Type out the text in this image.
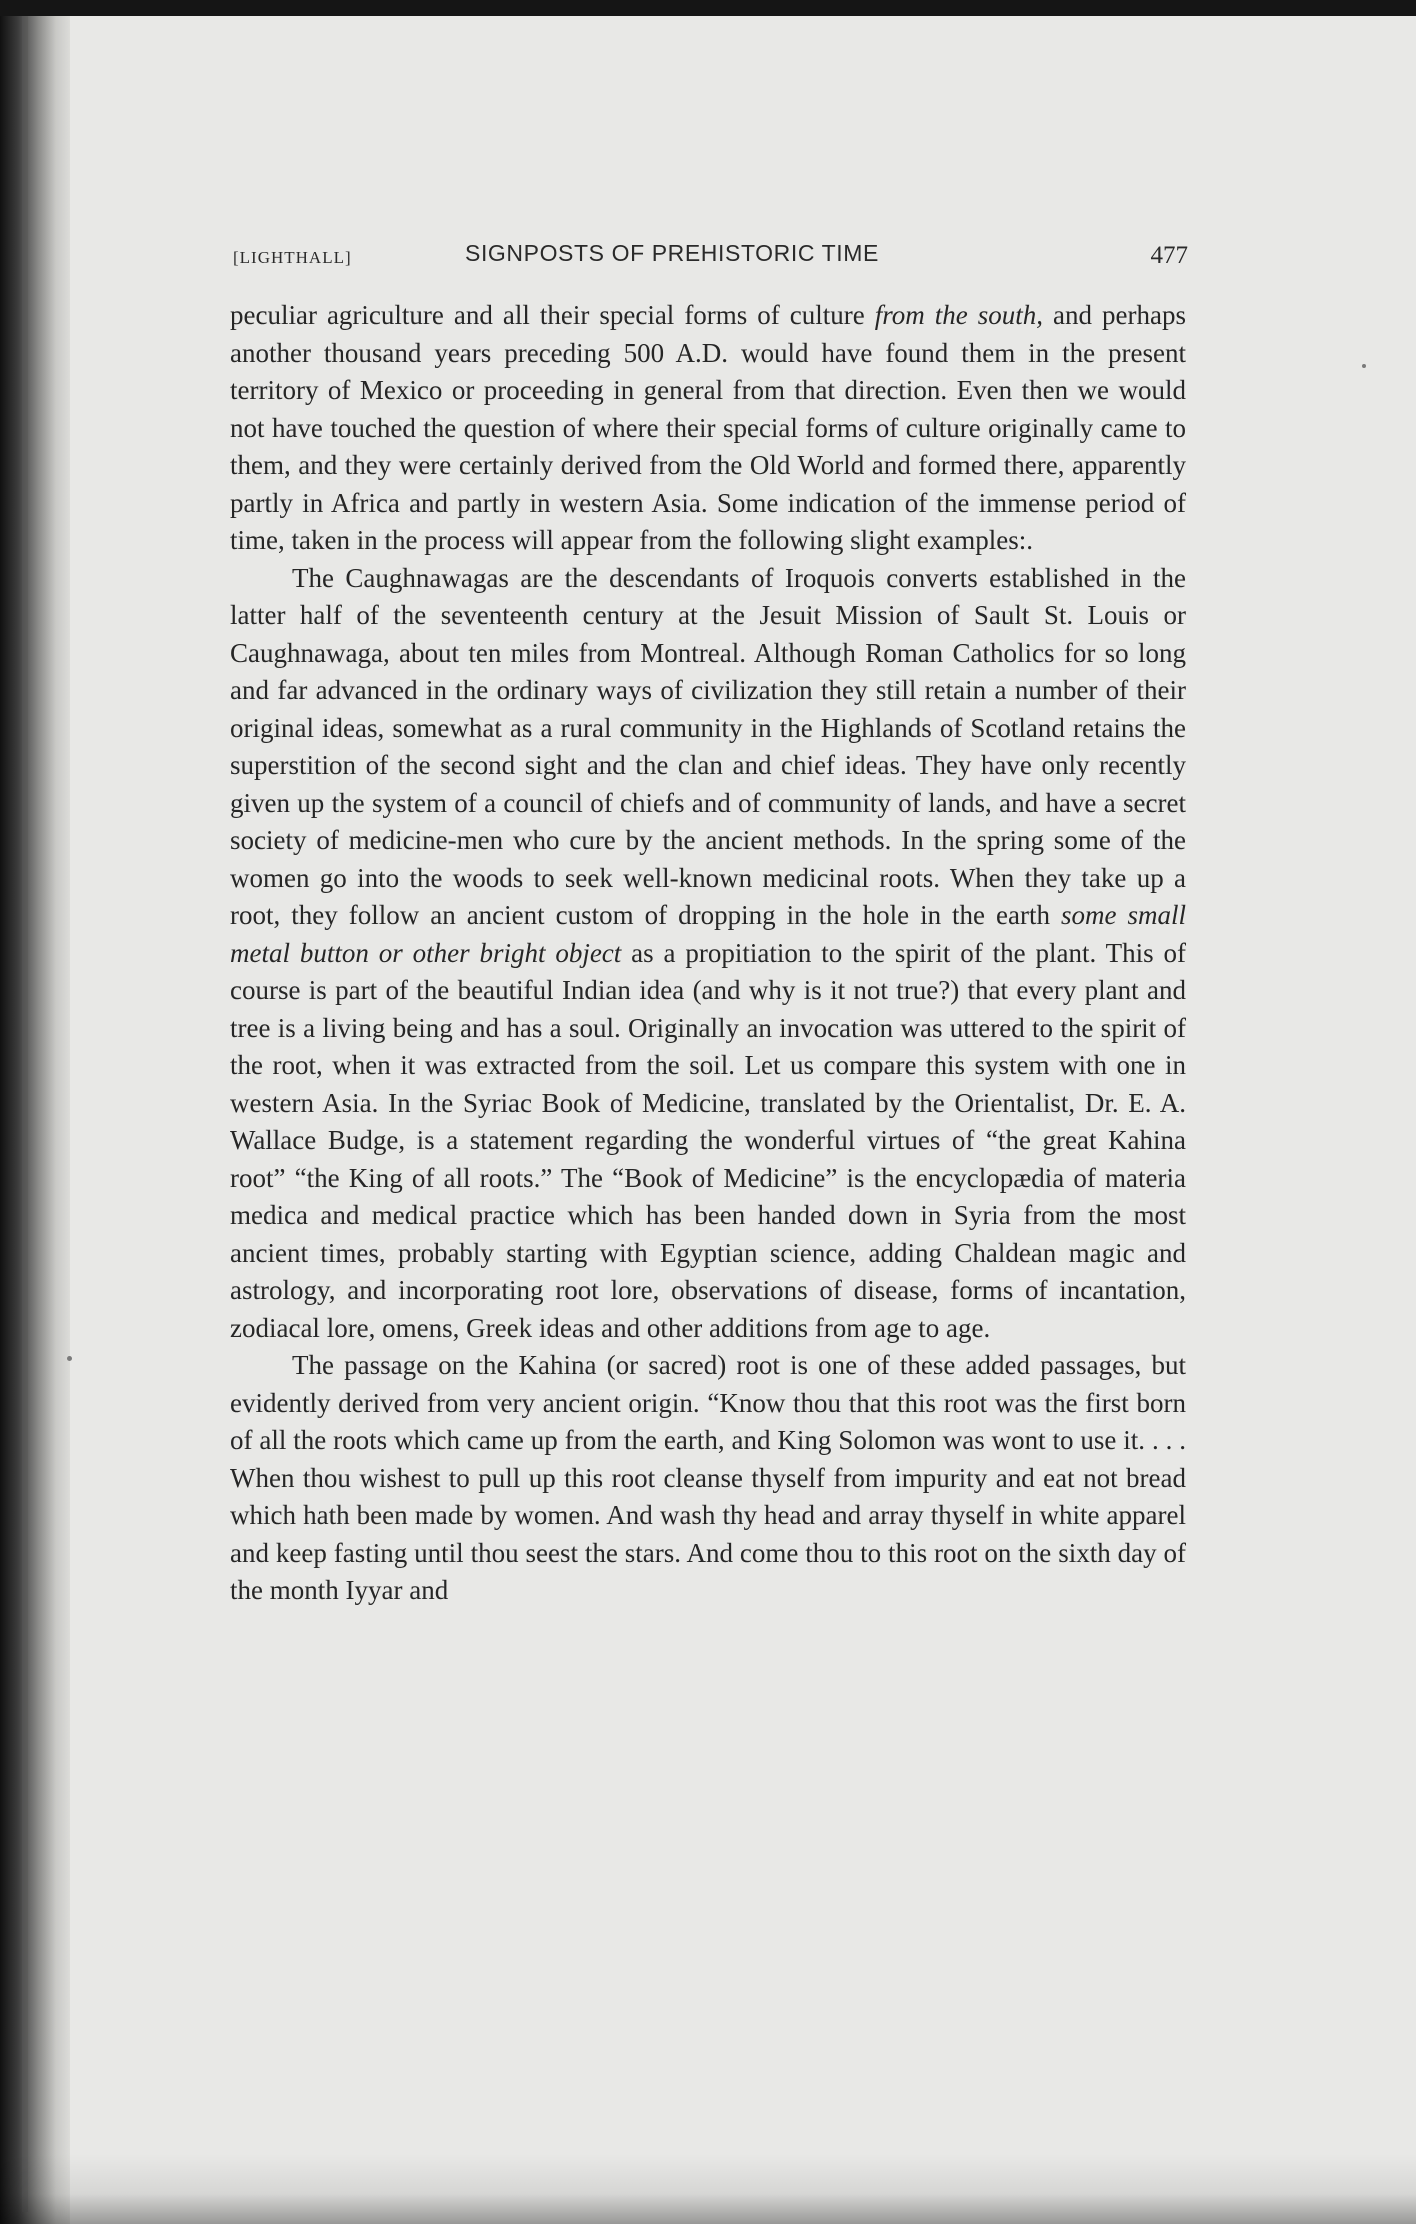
[LIGHTHALL]	SIGNPOSTS OF PREHISTORIC TIME	477

peculiar agriculture and all their special forms of culture from the south, and perhaps another thousand years preceding 500 A.D. would have found them in the present territory of Mexico or proceeding in general from that direction. Even then we would not have touched the question of where their special forms of culture originally came to them, and they were certainly derived from the Old World and formed there, apparently partly in Africa and partly in western Asia. Some indication of the immense period of time, taken in the process will appear from the following slight examples:.

The Caughnawagas are the descendants of Iroquois converts established in the latter half of the seventeenth century at the Jesuit Mission of Sault St. Louis or Caughnawaga, about ten miles from Montreal. Although Roman Catholics for so long and far advanced in the ordinary ways of civilization they still retain a number of their original ideas, somewhat as a rural community in the Highlands of Scotland retains the superstition of the second sight and the clan and chief ideas. They have only recently given up the system of a council of chiefs and of community of lands, and have a secret society of medicine-men who cure by the ancient methods. In the spring some of the women go into the woods to seek well-known medicinal roots. When they take up a root, they follow an ancient custom of dropping in the hole in the earth some small metal button or other bright object as a propitiation to the spirit of the plant. This of course is part of the beautiful Indian idea (and why is it not true?) that every plant and tree is a living being and has a soul. Originally an invocation was uttered to the spirit of the root, when it was extracted from the soil. Let us compare this system with one in western Asia. In the Syriac Book of Medicine, translated by the Orientalist, Dr. E. A. Wallace Budge, is a statement regarding the wonderful virtues of “the great Kahina root” “the King of all roots.” The “Book of Medicine” is the encyclopædia of materia medica and medical practice which has been handed down in Syria from the most ancient times, probably starting with Egyptian science, adding Chaldean magic and astrology, and incorporating root lore, observations of disease, forms of incantation, zodiacal lore, omens, Greek ideas and other additions from age to age.

The passage on the Kahina (or sacred) root is one of these added passages, but evidently derived from very ancient origin. “Know thou that this root was the first born of all the roots which came up from the earth, and King Solomon was wont to use it. . . . When thou wishest to pull up this root cleanse thyself from impurity and eat not bread which hath been made by women. And wash thy head and array thyself in white apparel and keep fasting until thou seest the stars. And come thou to this root on the sixth day of the month Iyyar and
